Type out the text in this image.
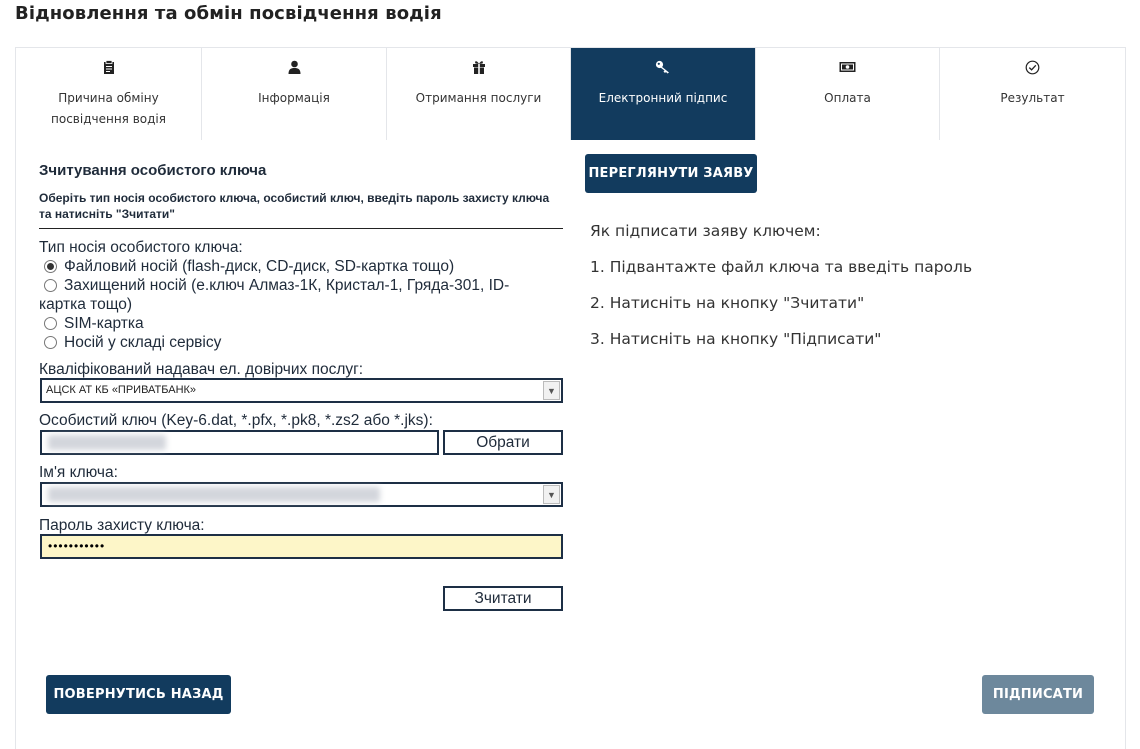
Відновлення та обмін посвідчення водія
Причина обміну посвідчення водія
Інформація	Отримання послуги	Електронний підпис	Оплата	Результат
Зчитування особистого ключа
Оберіть тип носія особистого ключа, особистий ключ, введіть пароль захисту ключа та натисніть "Зчитати"
Тип носія особистого ключа:
Файловий носій (flash-диск, CD-диск, SD-картка тощо)
Захищений носій (е.ключ Алмаз-1К, Кристал-1, Гряда-301, ID-картка тощо)
SIM-картка
Носій у складі сервісу
Кваліфікований надавач ел. довірчих послуг:
АЦСК АТ КБ «ПРИВАТБАНК»	▼
Особистий ключ (Key-6.dat, *.pfx, *.pk8, *.zs2 або *.jks):
Обрати
Ім'я ключа:
▼
Пароль захисту ключа:
•••••••••••
Зчитати
ПЕРЕГЛЯНУТИ ЗАЯВУ
Як підписати заяву ключем:
1. Підвантажте файл ключа та введіть пароль
2. Натисніть на кнопку "Зчитати"
3. Натисніть на кнопку "Підписати"
ПОВЕРНУТИСЬ НАЗАД	ПІДПИСАТИ
